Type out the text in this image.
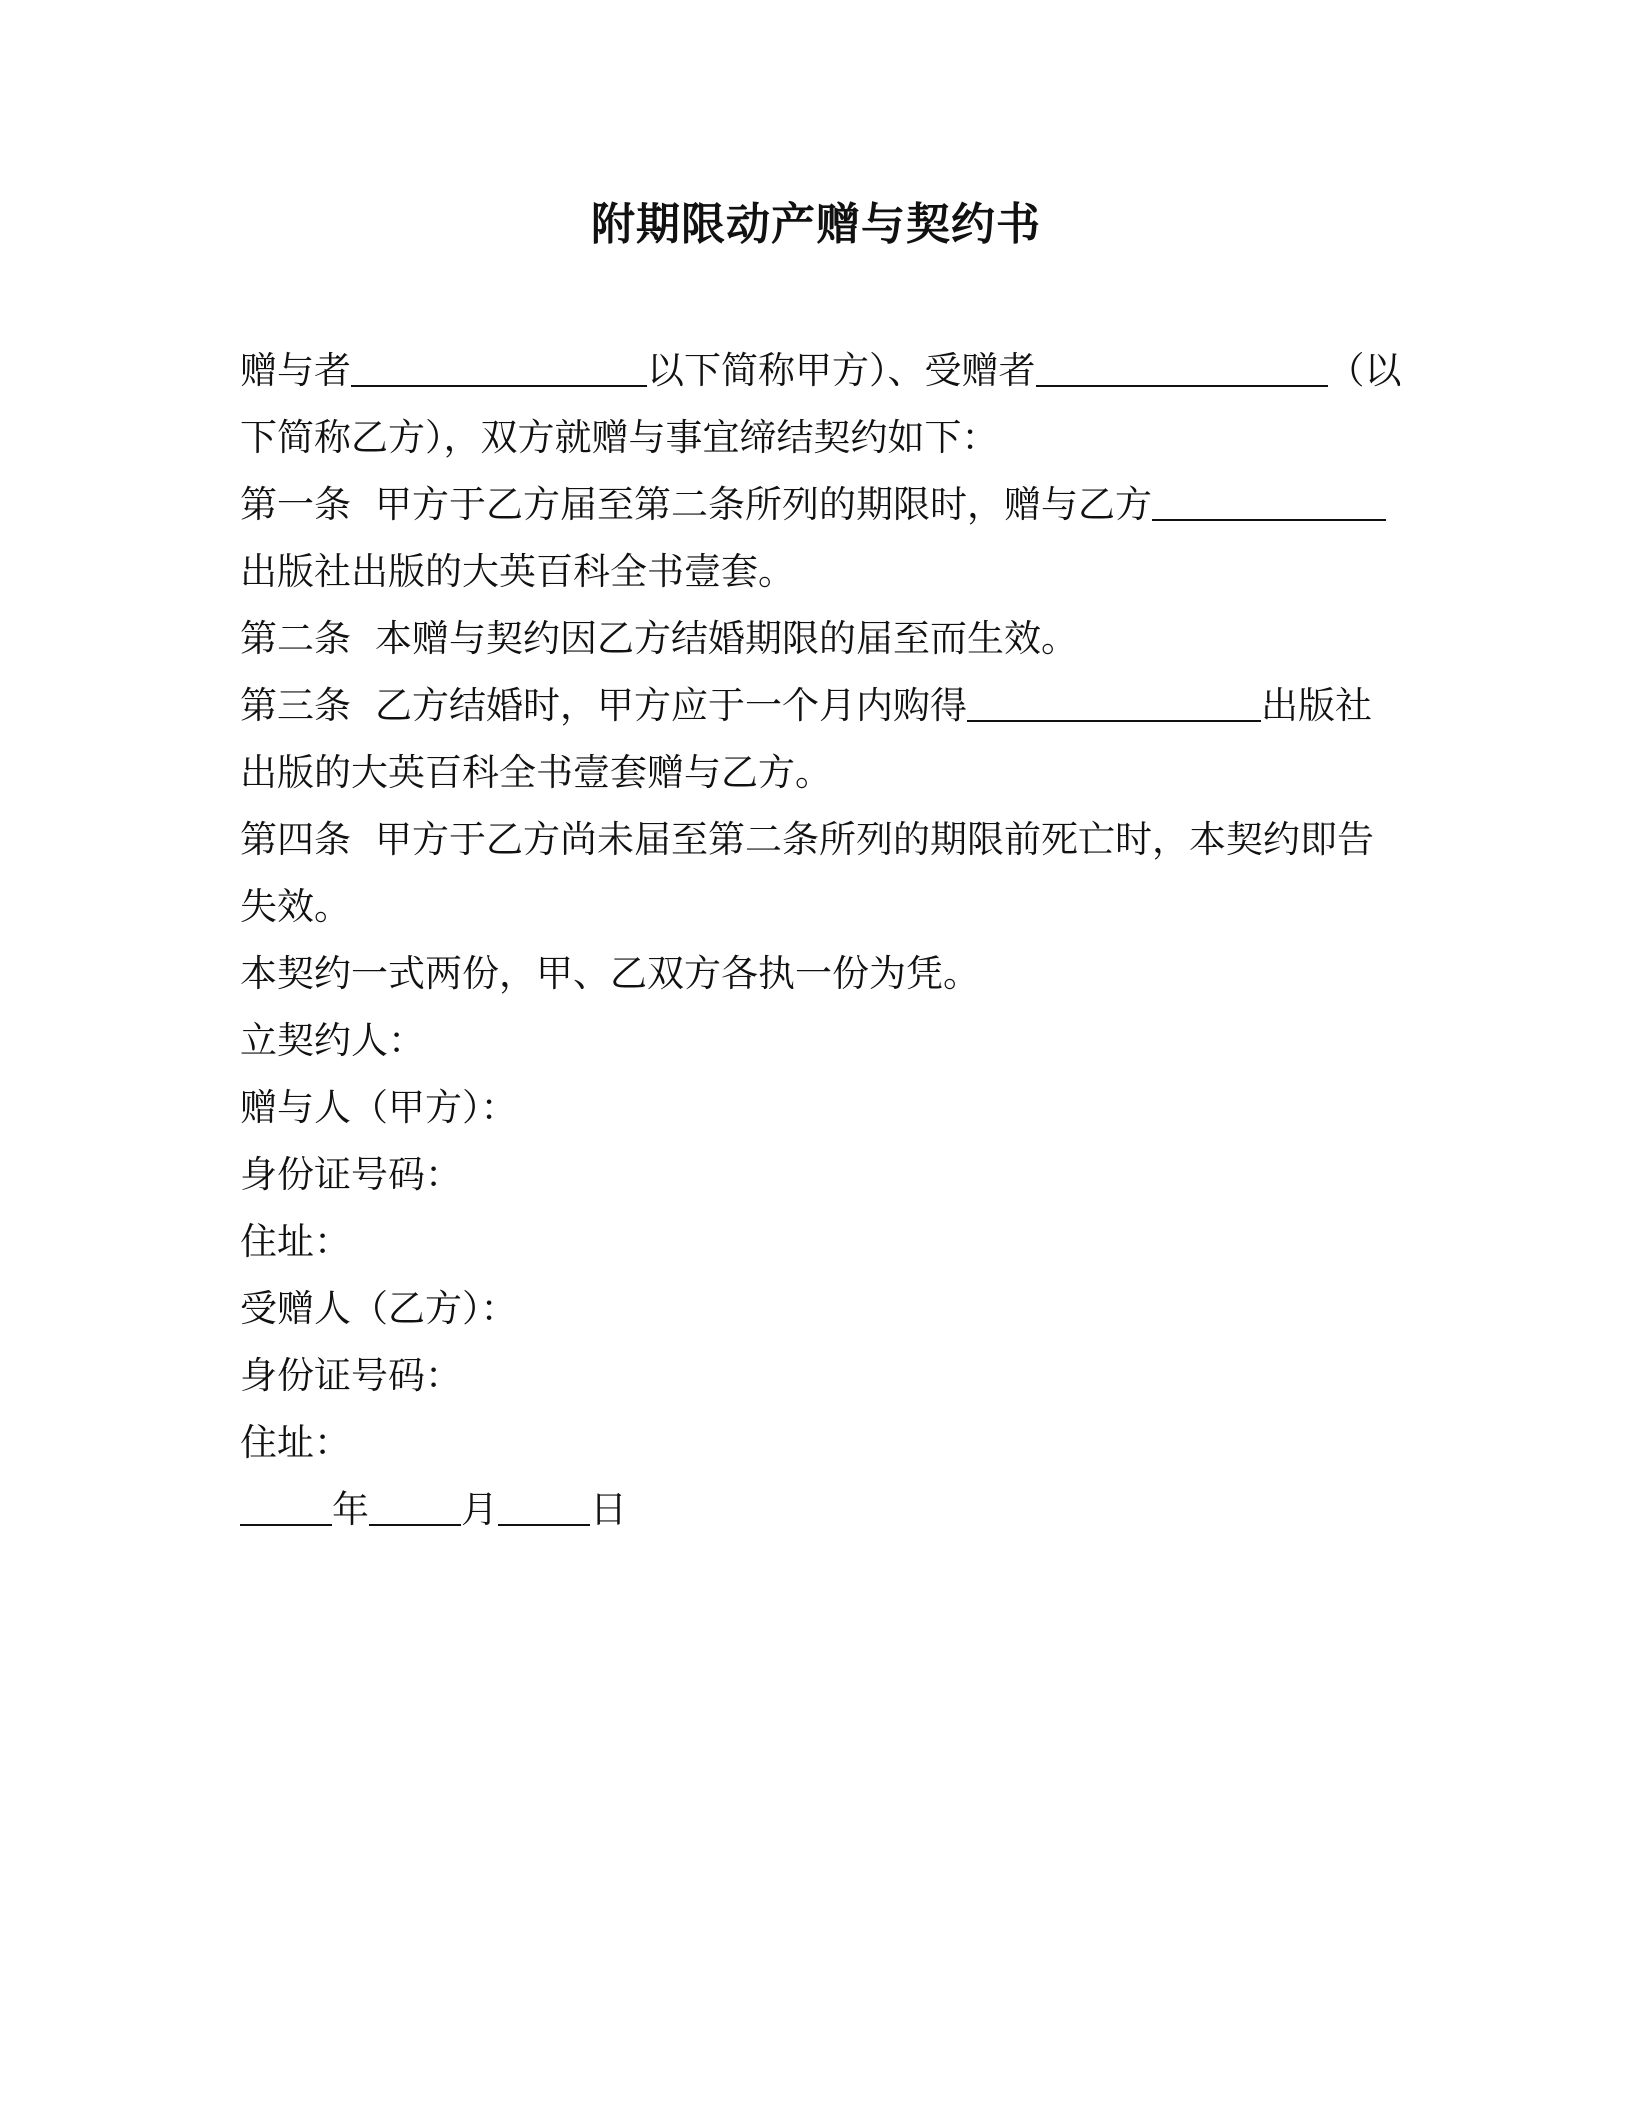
附期限动产赠与契约书
赠与者	以下简称甲方）、受赠者	（以
下简称乙方），双方就赠与事宜缔结契约如下：
第一条 甲方于乙方届至第二条所列的期限时，赠与乙方
出版社出版的大英百科全书壹套。
第二条 本赠与契约因乙方结婚期限的届至而生效。
第三条 乙方结婚时，甲方应于一个月内购得	出版社
出版的大英百科全书壹套赠与乙方。
第四条 甲方于乙方尚未届至第二条所列的期限前死亡时，本契约即告
失效。
本契约一式两份，甲、乙双方各执一份为凭。
立契约人：
赠与人（甲方）：
身份证号码：
住址：
受赠人（乙方）：
身份证号码：
住址：
年 月 日
